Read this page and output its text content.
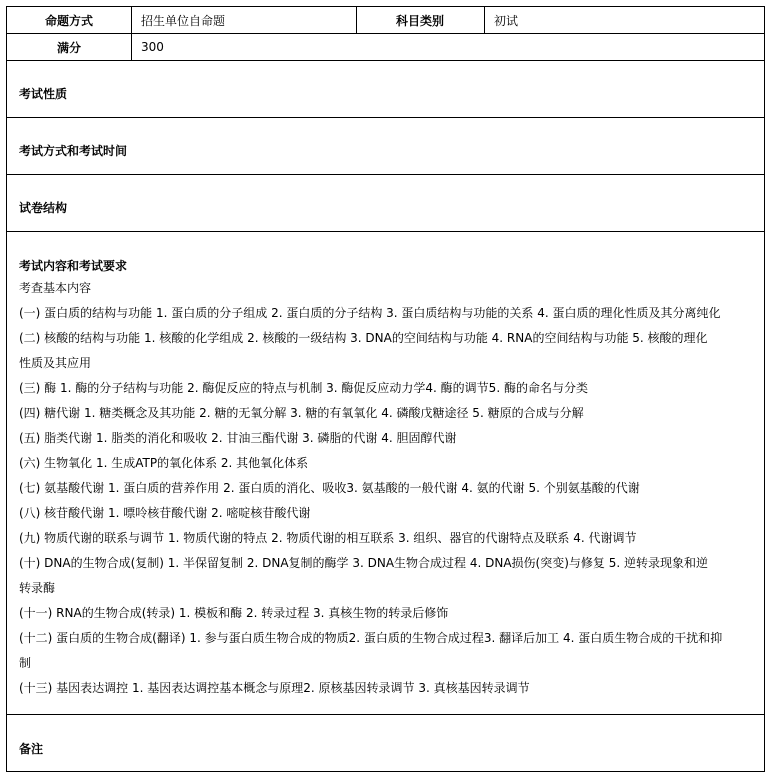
命题方式	招生单位自命题	科目类别	初试
满分	300
考试性质
考试方式和考试时间
试卷结构
考试内容和考试要求

考查基本内容

(一) 蛋白质的结构与功能 1. 蛋白质的分子组成 2. 蛋白质的分子结构 3. 蛋白质结构与功能的关系 4. 蛋白质的理化性质及其分离纯化

(二) 核酸的结构与功能 1. 核酸的化学组成 2. 核酸的一级结构 3. DNA的空间结构与功能 4. RNA的空间结构与功能 5. 核酸的理化

性质及其应用

(三) 酶 1. 酶的分子结构与功能 2. 酶促反应的特点与机制 3. 酶促反应动力学4. 酶的调节5. 酶的命名与分类

(四) 糖代谢 1. 糖类概念及其功能 2. 糖的无氧分解 3. 糖的有氧氧化 4. 磷酸戊糖途径 5. 糖原的合成与分解

(五) 脂类代谢 1. 脂类的消化和吸收 2. 甘油三酯代谢 3. 磷脂的代谢 4. 胆固醇代谢

(六) 生物氧化 1. 生成ATP的氧化体系 2. 其他氧化体系

(七) 氨基酸代谢 1. 蛋白质的营养作用 2. 蛋白质的消化、吸收3. 氨基酸的一般代谢 4. 氨的代谢 5. 个别氨基酸的代谢

(八) 核苷酸代谢 1. 嘌呤核苷酸代谢 2. 嘧啶核苷酸代谢

(九) 物质代谢的联系与调节 1. 物质代谢的特点 2. 物质代谢的相互联系 3. 组织、器官的代谢特点及联系 4. 代谢调节

(十) DNA的生物合成(复制) 1. 半保留复制 2. DNA复制的酶学 3. DNA生物合成过程 4. DNA损伤(突变)与修复 5. 逆转录现象和逆

转录酶

(十一) RNA的生物合成(转录) 1. 模板和酶 2. 转录过程 3. 真核生物的转录后修饰

(十二) 蛋白质的生物合成(翻译) 1. 参与蛋白质生物合成的物质2. 蛋白质的生物合成过程3. 翻译后加工 4. 蛋白质生物合成的干扰和抑

制

(十三) 基因表达调控 1. 基因表达调控基本概念与原理2. 原核基因转录调节 3. 真核基因转录调节

备注
